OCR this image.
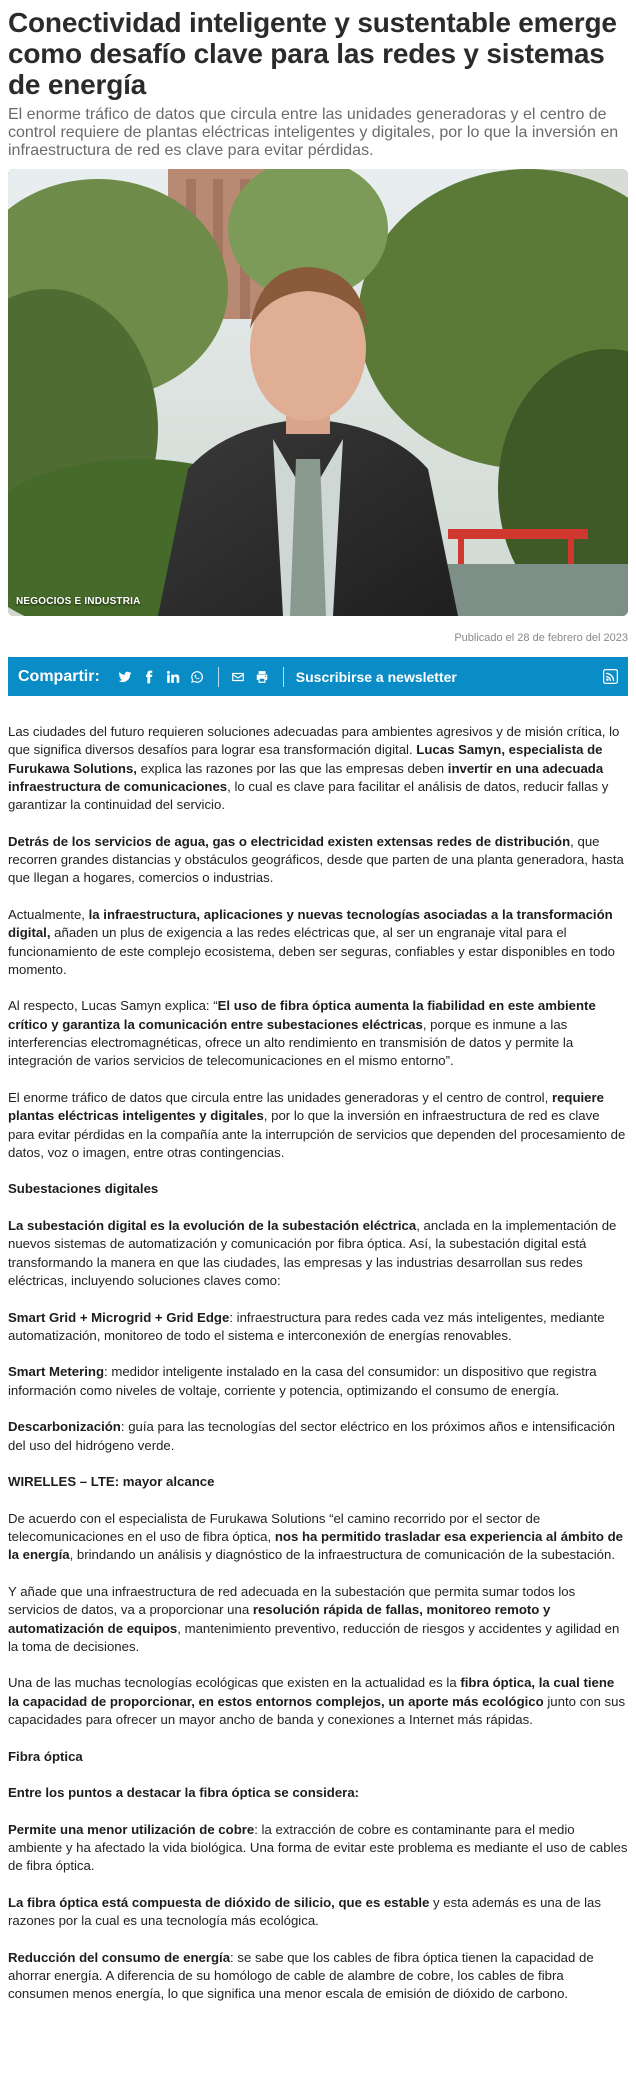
Conectividad inteligente y sustentable emerge como desafío clave para las redes y sistemas de energía

El enorme tráfico de datos que circula entre las unidades generadoras y el centro de control requiere de plantas eléctricas inteligentes y digitales, por lo que la inversión en infraestructura de red es clave para evitar pérdidas.

NEGOCIOS E INDUSTRIA
Publicado el 28 de febrero del 2023
Compartir:	Suscribirse a newsletter

Las ciudades del futuro requieren soluciones adecuadas para ambientes agresivos y de misión crítica, lo que significa diversos desafíos para lograr esa transformación digital. Lucas Samyn, especialista de Furukawa Solutions, explica las razones por las que las empresas deben invertir en una adecuada infraestructura de comunicaciones, lo cual es clave para facilitar el análisis de datos, reducir fallas y garantizar la continuidad del servicio.

Detrás de los servicios de agua, gas o electricidad existen extensas redes de distribución, que recorren grandes distancias y obstáculos geográficos, desde que parten de una planta generadora, hasta que llegan a hogares, comercios o industrias.

Actualmente, la infraestructura, aplicaciones y nuevas tecnologías asociadas a la transformación digital, añaden un plus de exigencia a las redes eléctricas que, al ser un engranaje vital para el funcionamiento de este complejo ecosistema, deben ser seguras, confiables y estar disponibles en todo momento.

Al respecto, Lucas Samyn explica: “El uso de fibra óptica aumenta la fiabilidad en este ambiente crítico y garantiza la comunicación entre subestaciones eléctricas, porque es inmune a las interferencias electromagnéticas, ofrece un alto rendimiento en transmisión de datos y permite la integración de varios servicios de telecomunicaciones en el mismo entorno”.

El enorme tráfico de datos que circula entre las unidades generadoras y el centro de control, requiere plantas eléctricas inteligentes y digitales, por lo que la inversión en infraestructura de red es clave para evitar pérdidas en la compañía ante la interrupción de servicios que dependen del procesamiento de datos, voz o imagen, entre otras contingencias.

Subestaciones digitales

La subestación digital es la evolución de la subestación eléctrica, anclada en la implementación de nuevos sistemas de automatización y comunicación por fibra óptica. Así, la subestación digital está transformando la manera en que las ciudades, las empresas y las industrias desarrollan sus redes eléctricas, incluyendo soluciones claves como:

Smart Grid + Microgrid + Grid Edge: infraestructura para redes cada vez más inteligentes, mediante automatización, monitoreo de todo el sistema e interconexión de energías renovables.

Smart Metering: medidor inteligente instalado en la casa del consumidor: un dispositivo que registra información como niveles de voltaje, corriente y potencia, optimizando el consumo de energía.

Descarbonización: guía para las tecnologías del sector eléctrico en los próximos años e intensificación del uso del hidrógeno verde.

WIRELLES – LTE: mayor alcance

De acuerdo con el especialista de Furukawa Solutions “el camino recorrido por el sector de telecomunicaciones en el uso de fibra óptica, nos ha permitido trasladar esa experiencia al ámbito de la energía, brindando un análisis y diagnóstico de la infraestructura de comunicación de la subestación.

Y añade que una infraestructura de red adecuada en la subestación que permita sumar todos los servicios de datos, va a proporcionar una resolución rápida de fallas, monitoreo remoto y automatización de equipos, mantenimiento preventivo, reducción de riesgos y accidentes y agilidad en la toma de decisiones.

Una de las muchas tecnologías ecológicas que existen en la actualidad es la fibra óptica, la cual tiene la capacidad de proporcionar, en estos entornos complejos, un aporte más ecológico junto con sus capacidades para ofrecer un mayor ancho de banda y conexiones a Internet más rápidas.

Fibra óptica

Entre los puntos a destacar la fibra óptica se considera:

Permite una menor utilización de cobre: la extracción de cobre es contaminante para el medio ambiente y ha afectado la vida biológica. Una forma de evitar este problema es mediante el uso de cables de fibra óptica.

La fibra óptica está compuesta de dióxido de silicio, que es estable y esta además es una de las razones por la cual es una tecnología más ecológica.

Reducción del consumo de energía: se sabe que los cables de fibra óptica tienen la capacidad de ahorrar energía. A diferencia de su homólogo de cable de alambre de cobre, los cables de fibra consumen menos energía, lo que significa una menor escala de emisión de dióxido de carbono.
